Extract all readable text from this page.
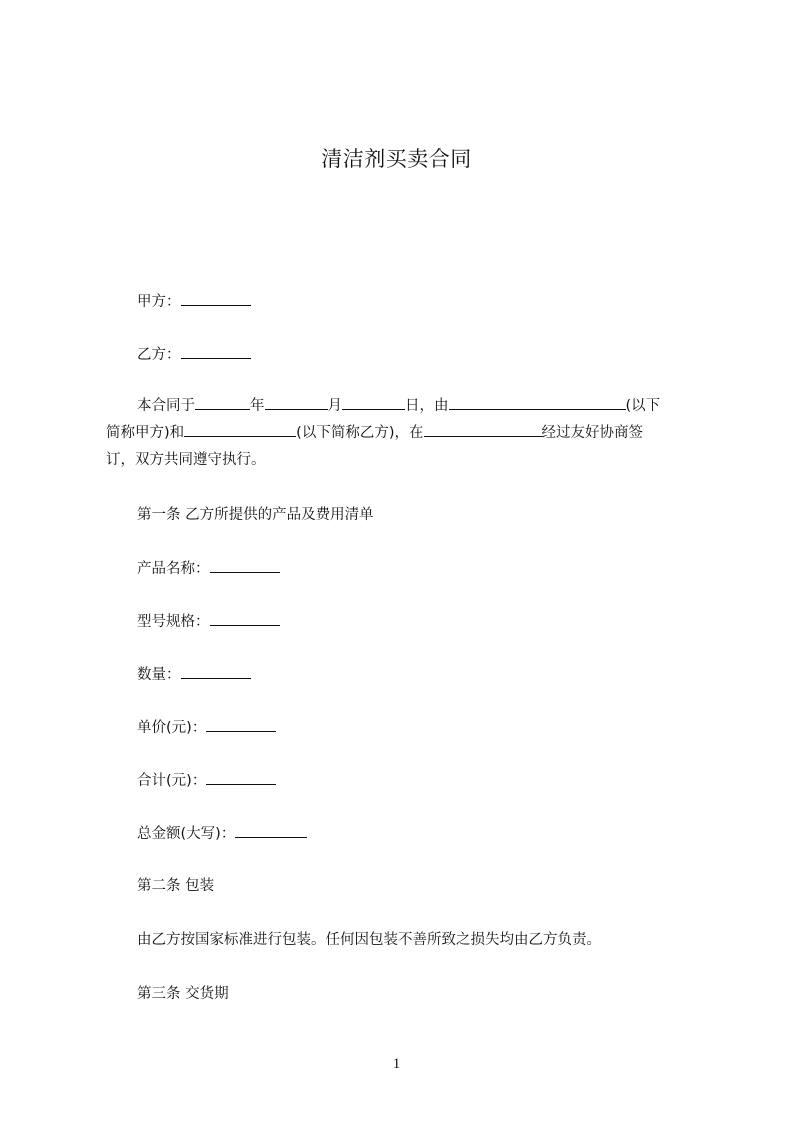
清洁剂买卖合同
甲方：
乙方：
本合同于	年	月	日，由	(以下
简称甲方)和	(以下简称乙方)，在	经过友好协商签
订，双方共同遵守执行。
第一条 乙方所提供的产品及费用清单
产品名称：
型号规格：
数量：
单价(元)：
合计(元)：
总金额(大写)：
第二条 包装
由乙方按国家标准进行包装。任何因包装不善所致之损失均由乙方负责。
第三条 交货期
1
